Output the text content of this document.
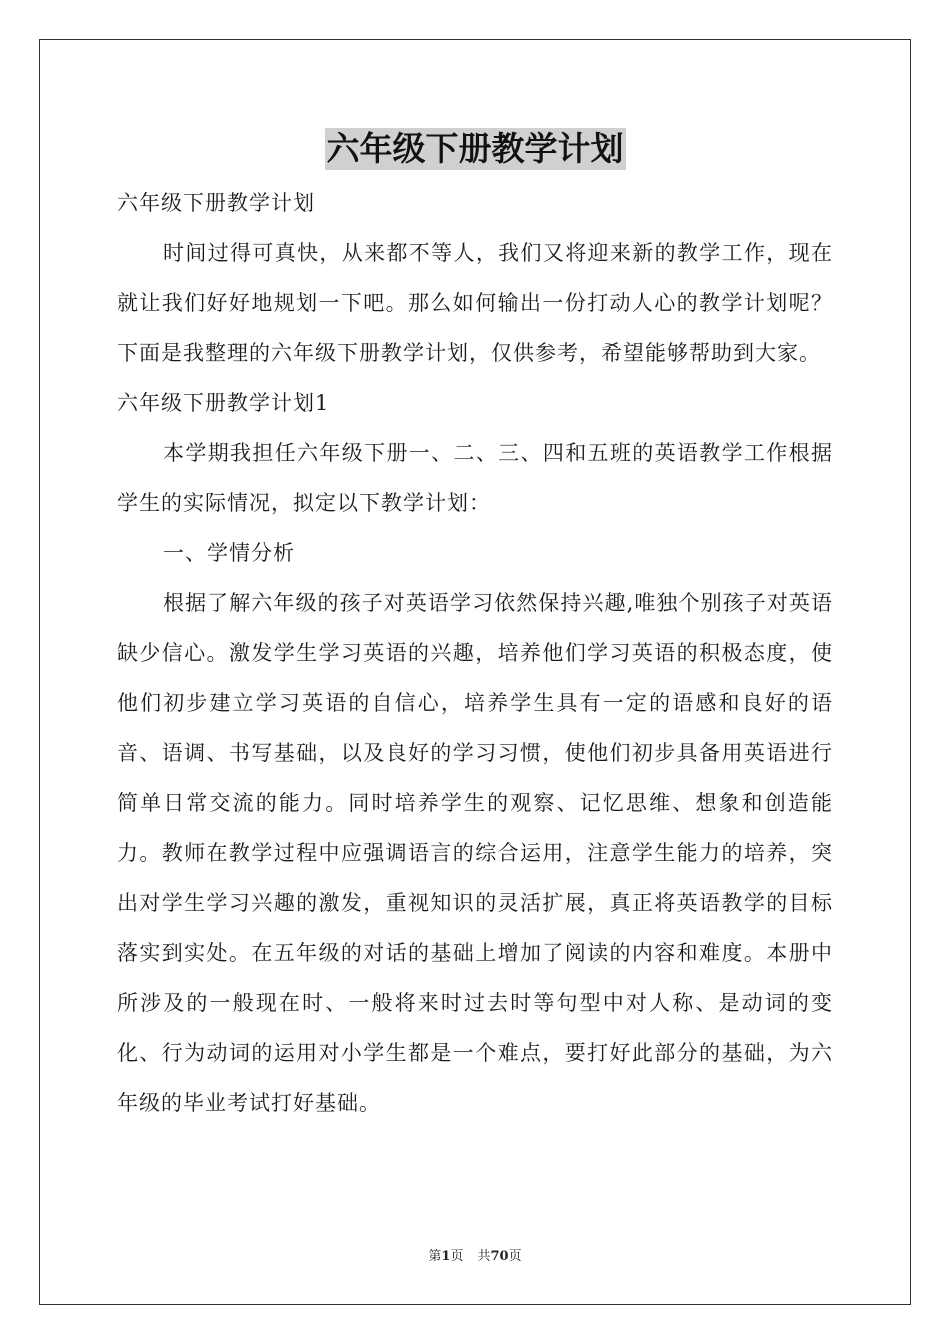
六年级下册教学计划

六年级下册教学计划

时间过得可真快，从来都不等人，我们又将迎来新的教学工作，现在就让我们好好地规划一下吧。那么如何输出一份打动人心的教学计划呢？下面是我整理的六年级下册教学计划，仅供参考，希望能够帮助到大家。

六年级下册教学计划1

本学期我担任六年级下册一、二、三、四和五班的英语教学工作根据学生的实际情况，拟定以下教学计划：

一、学情分析

根据了解六年级的孩子对英语学习依然保持兴趣,唯独个别孩子对英语缺少信心。激发学生学习英语的兴趣，培养他们学习英语的积极态度，使他们初步建立学习英语的自信心，培养学生具有一定的语感和良好的语音、语调、书写基础，以及良好的学习习惯，使他们初步具备用英语进行简单日常交流的能力。同时培养学生的观察、记忆思维、想象和创造能力。教师在教学过程中应强调语言的综合运用，注意学生能力的培养，突出对学生学习兴趣的激发，重视知识的灵活扩展，真正将英语教学的目标落实到实处。在五年级的对话的基础上增加了阅读的内容和难度。本册中所涉及的一般现在时、一般将来时过去时等句型中对人称、是动词的变化、行为动词的运用对小学生都是一个难点，要打好此部分的基础，为六年级的毕业考试打好基础。

第1页 共70页
